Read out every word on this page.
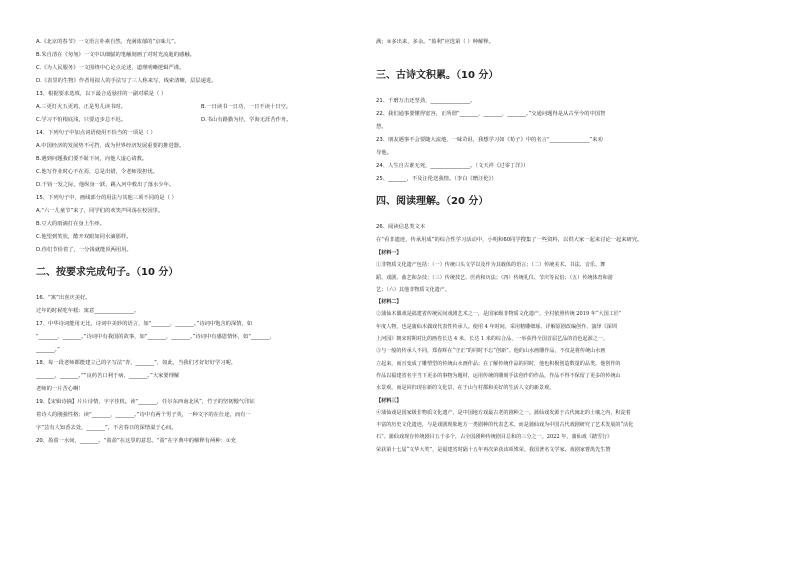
A.《北京的春节》一文语言朴素自然，充满浓郁的“京味儿”。
B.朱自清在《匆匆》一文中以细腻的笔触刻画了对时光流逝的感触。
C.《为人民服务》一文围绕中心论点论述，道理明晰逻辑严谨。
D.《表里的生物》作者用拟人的手法写了三人称来写，线索清晰，层层递进。
13、根据要求选填，以下最合适悬挂的一副对联是（ ）
A.三更灯火五更鸡，正是男儿读书时。	B.一日读书一日功，一日不读十日空。
C.学习不怕根底浅，只要迈步总不迟。	D.书山有路勤为径，学海无涯苦作舟。
14、下列句子中加点词语使用不恰当的一项是（ ）
A.中国经济的发展势不可挡，成为世界经济发展重要的推进器。
B.遇到问题我们要不耻下问，向他人虚心请教。
C.他写作业时心不在焉，总是出错，令老师很担忧。
D.千钧一发之际，他纵身一跃，跳入河中救出了落水少年。
15、下列句子中，画线部分的用法与其他三项不同的是（ ）
A.“六一儿童节”来了，同学们的欢笑声回荡在校园里。
B.豆大的雨滴打在身上生疼。
C.他望到笑状，酷开双眼如同水滴那样。
D.你们节俭着了，一分钱就能顶两用用。
二、按要求完成句子。（10 分）
16、“寓”出喜庆美好。
过年的时候吃年糕：寓意_______________。
17、中华诗词能用无比，诗词中美妙的语言，如“_______，_______。”诗词中饱含的深情，如
“_______，_______。”诗词中有我国的故事，如“_______，_______。”诗词中有感恩情怀，如“_______，
_______。”
18、每一段老师都能建立己的字写法“青，_______”，如此，当我们才好好好学习呢，
_______，_______。”“良药苦口利于病，_______。”大家要理解
老师的一片苦心啊！
19、【宋辑诗摘】片片诗情，字字佳机。读“_______，任尔东西南北风”，竹子的坚韧傲气印证
着诗人的刚强性格；读“_______，_______。”诗中有两个男子英，一种文字的在仕途，而有一
字”芸有人知香去处，_______”，不舍春日的深情溢于心间。
20、盈盈一水间，_______。“盈盈”在这里的意思。“盈”在字典中的解释有两种：①充
满；②多出来，多余。“盈利”应选第（ ）种解释。
三、古诗文积累。（10 分）
21、千磨万击还坚劲，_______________。
22、我们通事要懂得宽容，正所谓“_______，_______，_______。”交通问题得是从古至今的中国智
慧。
23、朋友遇事不会要随大流地，一味苛诅，我想学习如《荀子》中的名言“_______________”来劝
导他。
24、人生自古谁无死，_______________。（文天祥《过零丁洋》）
25、_______，不及汪伦送我情。（李白《赠汪伦》）
四、阅读理解。（20 分）
26、阅读信息类文本
在“看非遗迹，传承用成”的综合性学习活动中，小明和60同学搜集了一些资料，以供大家一起来讨论一起来研究。
【材料一】
①非物质文化遗产包括：（一）传统口头文学以及作为其载体的语言；（二）传统美术、书法、音乐、舞
蹈、戏剧、曲艺和杂技；（三）传统技艺、医药和历法；（四）传统礼仪、节庆等民俗；（五）传统体育和游
艺；（六）其他非物质文化遗产。
【材料二】
②蒲仙木偶戏是福建省传统民间戏剧艺术之一，是国家级非物质文化遗产。全村依照传统 2019 年“大国工匠”
年度人物，也是蒲仙木偶戏代表性传承人。使用 4 年时间，采用精雕细琢、详解原剧改编创作、演绎《深圳
上河园》朝宋时期对比的画卷长达 4 米、长达 1 米的综合品，一举获得全国首届艺品的首色起源之一。
③与一般的传承人不同，郑春辉在“守正”的同时不忘“创新”。他的山水画雕作品，不仅是将传统山水画
立起来，而且变成了雕塑型的传统山水画作品；在了解传统作品的同时，他也积极创造数量的品类。他创作的
作品以福建省名字当下更多的事物为题材，运用传统的雕刻手法创作的作品，作品不得不保留了更多的传统山
水景观，而是回归现在新的文化景，在于山与村都和美好的生活人文的新景观。
【材料三】
④蒲仙戏是国家级非物质文化遗产，是中国地方戏最古老的剧种之一。蒲仙戏发源于古代闽北的土壤之内，积淀着
丰富的历史文化遗迹，与是戏剧现象地方一类剧种的代表艺术，而是蒲仙戏为中国古代戏剧研究了艺术发展的“活化
石”。蒲仙戏现存传统剧目五千多个，占全国剧种传统剧目总和的三分之一。2022 年，蒲仙戏《踏雪行》
荣获第十七届“文华大奖”，是福建省时隔十五年再次荣获该项殊荣。我国著名文学家、戏剧家曹禺先生赞
